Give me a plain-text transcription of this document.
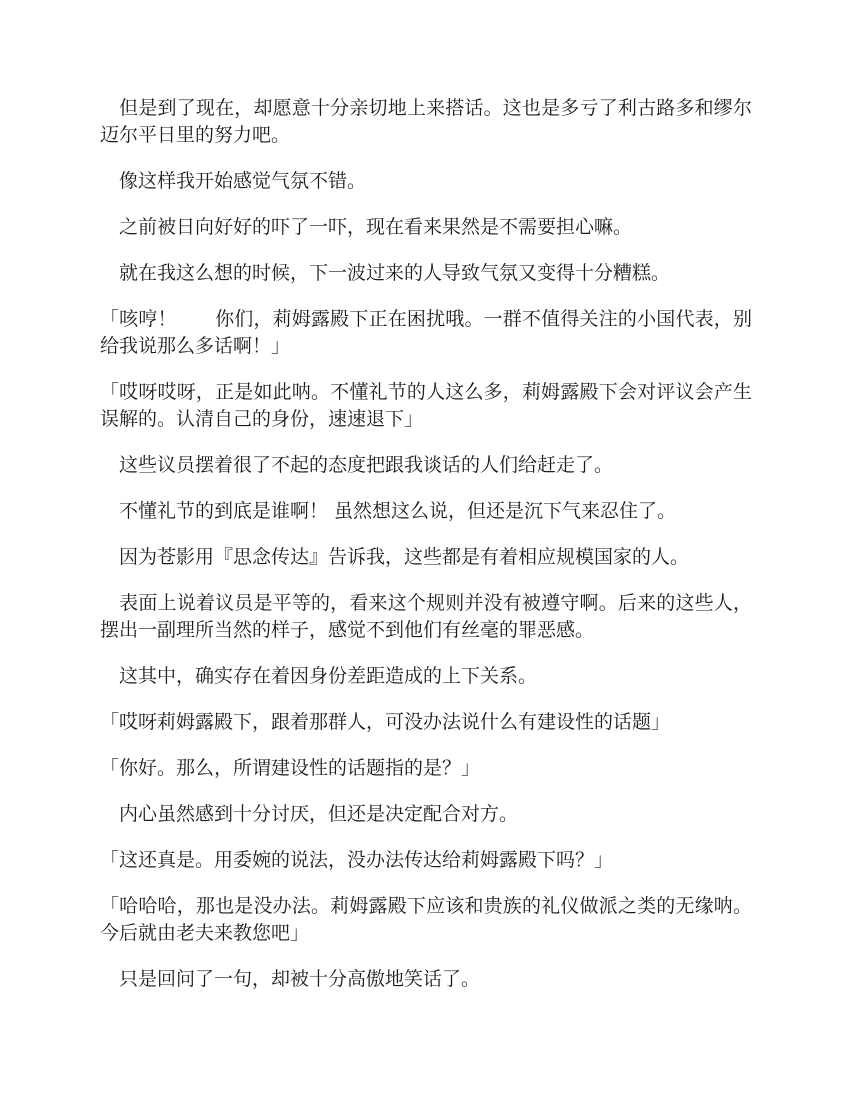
　但是到了现在，却愿意十分亲切地上来搭话。这也是多亏了利古路多和缪尔迈尔平日里的努力吧。

　像这样我开始感觉气氛不错。

　之前被日向好好的吓了一吓，现在看来果然是不需要担心嘛。

　就在我这么想的时候，下一波过来的人导致气氛又变得十分糟糕。

「咳哼！　　你们，莉姆露殿下正在困扰哦。一群不值得关注的小国代表，别给我说那么多话啊！」

「哎呀哎呀，正是如此呐。不懂礼节的人这么多，莉姆露殿下会对评议会产生误解的。认清自己的身份，速速退下」

　这些议员摆着很了不起的态度把跟我谈话的人们给赶走了。

　不懂礼节的到底是谁啊！ 虽然想这么说，但还是沉下气来忍住了。

　因为苍影用『思念传达』告诉我，这些都是有着相应规模国家的人。

　表面上说着议员是平等的，看来这个规则并没有被遵守啊。后来的这些人，摆出一副理所当然的样子，感觉不到他们有丝毫的罪恶感。

　这其中，确实存在着因身份差距造成的上下关系。

「哎呀莉姆露殿下，跟着那群人，可没办法说什么有建设性的话题」

「你好。那么，所谓建设性的话题指的是？」

　内心虽然感到十分讨厌，但还是决定配合对方。

「这还真是。用委婉的说法，没办法传达给莉姆露殿下吗？」

「哈哈哈，那也是没办法。莉姆露殿下应该和贵族的礼仪做派之类的无缘呐。今后就由老夫来教您吧」

　只是回问了一句，却被十分高傲地笑话了。
